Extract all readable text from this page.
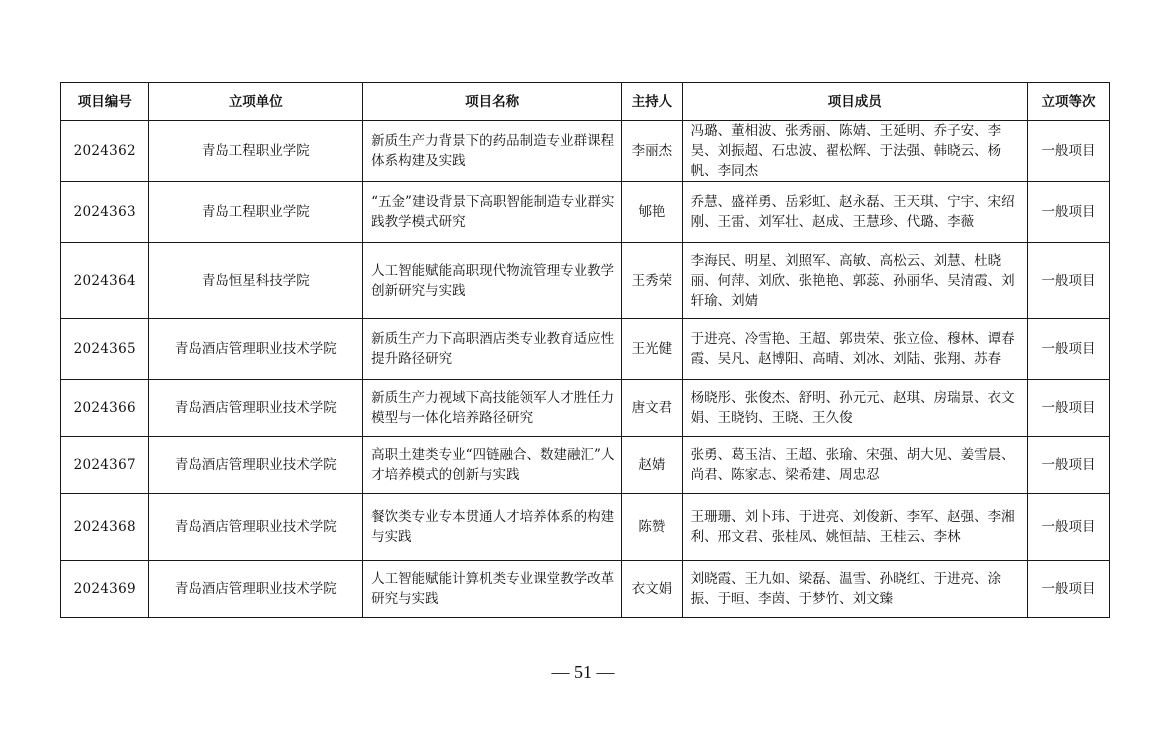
项目编号	立项单位	项目名称	主持人	项目成员	立项等次
2024362	青岛工程职业学院	新质生产力背景下的药品制造专业群课程体系构建及实践	李丽杰	冯璐、董相波、张秀丽、陈婧、王延明、乔子安、李昊、刘振超、石忠波、翟松辉、于法强、韩晓云、杨帆、李同杰	一般项目
2024363	青岛工程职业学院	“五金”建设背景下高职智能制造专业群实践教学模式研究	郇艳	乔慧、盛祥勇、岳彩虹、赵永磊、王天琪、宁宇、宋绍刚、王雷、刘军壮、赵成、王慧珍、代璐、李薇	一般项目
2024364	青岛恒星科技学院	人工智能赋能高职现代物流管理专业教学创新研究与实践	王秀荣	李海民、明星、刘照军、高敏、高松云、刘慧、杜晓丽、何萍、刘欣、张艳艳、郭蕊、孙丽华、吴清霞、刘轩瑜、刘婧	一般项目
2024365	青岛酒店管理职业技术学院	新质生产力下高职酒店类专业教育适应性提升路径研究	王光健	于进亮、冷雪艳、王超、郭贵荣、张立俭、穆林、谭春霞、吴凡、赵博阳、高晴、刘冰、刘陆、张翔、苏春	一般项目
2024366	青岛酒店管理职业技术学院	新质生产力视域下高技能领军人才胜任力模型与一体化培养路径研究	唐文君	杨晓彤、张俊杰、舒明、孙元元、赵琪、房瑞景、衣文娟、王晓钧、王晓、王久俊	一般项目
2024367	青岛酒店管理职业技术学院	高职土建类专业“四链融合、数建融汇”人才培养模式的创新与实践	赵婧	张勇、葛玉洁、王超、张瑜、宋强、胡大见、姜雪晨、尚君、陈家志、梁希建、周忠忍	一般项目
2024368	青岛酒店管理职业技术学院	餐饮类专业专本贯通人才培养体系的构建与实践	陈赞	王珊珊、刘卜玮、于进亮、刘俊新、李军、赵强、李湘利、邢文君、张桂凤、姚恒喆、王桂云、李林	一般项目
2024369	青岛酒店管理职业技术学院	人工智能赋能计算机类专业课堂教学改革研究与实践	衣文娟	刘晓霞、王九如、梁磊、温雪、孙晓红、于进亮、涂振、于晅、李茵、于梦竹、刘文臻	一般项目
— 51 —
